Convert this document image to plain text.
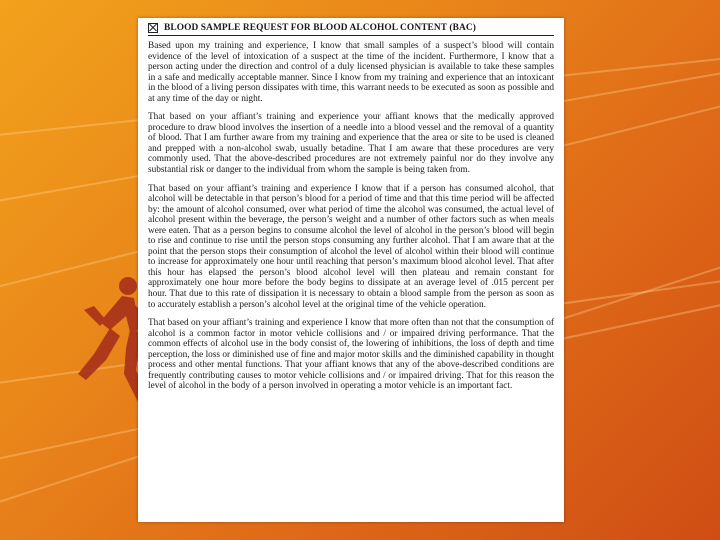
BLOOD SAMPLE REQUEST FOR BLOOD ALCOHOL CONTENT (BAC)

Based upon my training and experience, I know that small samples of a suspect’s blood will contain evidence of the level of intoxication of a suspect at the time of the incident. Furthermore, I know that a person acting under the direction and control of a duly licensed physician is available to take these samples in a safe and medically acceptable manner. Since I know from my training and experience that an intoxicant in the blood of a living person dissipates with time, this warrant needs to be executed as soon as possible and at any time of the day or night.

That based on your affiant’s training and experience your affiant knows that the medically approved procedure to draw blood involves the insertion of a needle into a blood vessel and the removal of a quantity of blood. That I am further aware from my training and experience that the area or site to be used is cleaned and prepped with a non-alcohol swab, usually betadine. That I am aware that these procedures are very commonly used. That the above-described procedures are not extremely painful nor do they involve any substantial risk or danger to the individual from whom the sample is being taken from.

That based on your affiant’s training and experience I know that if a person has consumed alcohol, that alcohol will be detectable in that person’s blood for a period of time and that this time period will be affected by: the amount of alcohol consumed, over what period of time the alcohol was consumed, the actual level of alcohol present within the beverage, the person’s weight and a number of other factors such as when meals were eaten. That as a person begins to consume alcohol the level of alcohol in the person’s blood will begin to rise and continue to rise until the person stops consuming any further alcohol. That I am aware that at the point that the person stops their consumption of alcohol the level of alcohol within their blood will continue to increase for approximately one hour until reaching that person’s maximum blood alcohol level. That after this hour has elapsed the person’s blood alcohol level will then plateau and remain constant for approximately one hour more before the body begins to dissipate at an average level of .015 percent per hour. That due to this rate of dissipation it is necessary to obtain a blood sample from the person as soon as to accurately establish a person’s alcohol level at the original time of the vehicle operation.

That based on your affiant’s training and experience I know that more often than not that the consumption of alcohol is a common factor in motor vehicle collisions and / or impaired driving performance. That the common effects of alcohol use in the body consist of, the lowering of inhibitions, the loss of depth and time perception, the loss or diminished use of fine and major motor skills and the diminished capability in thought process and other mental functions. That your affiant knows that any of the above-described conditions are frequently contributing causes to motor vehicle collisions and / or impaired driving. That for this reason the level of alcohol in the body of a person involved in operating a motor vehicle is an important fact.
